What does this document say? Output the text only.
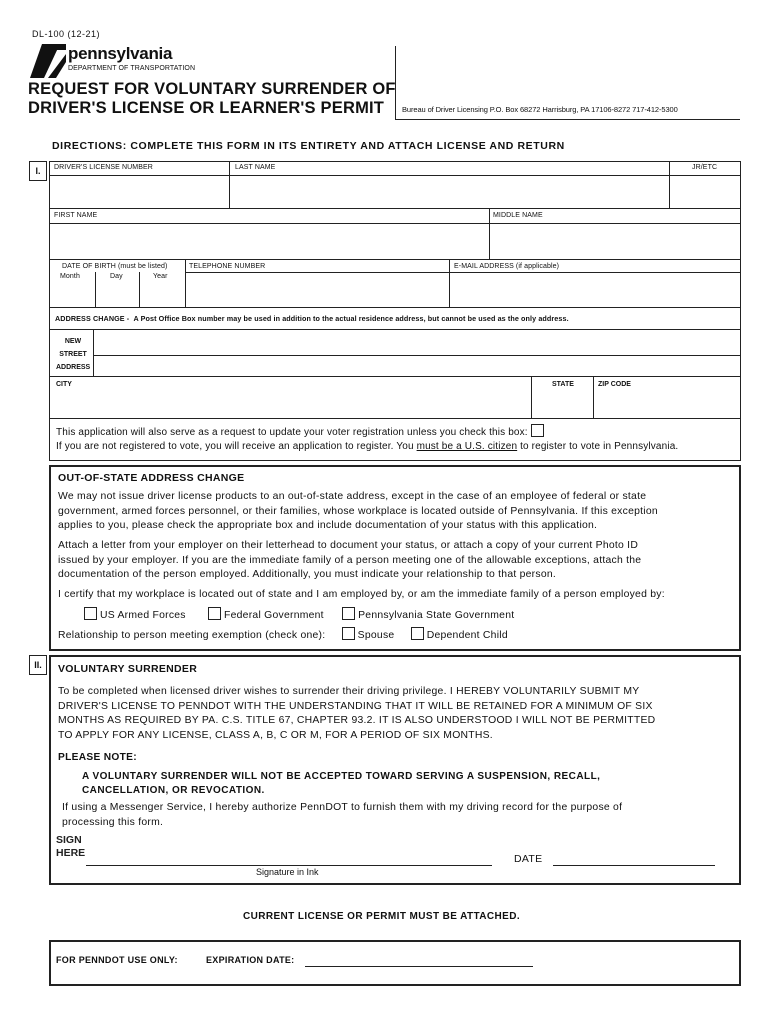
DL-100 (12-21)
pennsylvania
DEPARTMENT OF TRANSPORTATION
REQUEST FOR VOLUNTARY SURRENDER OF
DRIVER'S LICENSE OR LEARNER'S PERMIT Bureau of Driver Licensing P.O. Box 68272 Harrisburg, PA 17106-8272 717-412-5300
DIRECTIONS: COMPLETE THIS FORM IN ITS ENTIRETY AND ATTACH LICENSE AND RETURN
I.	DRIVER'S LICENSE NUMBER	LAST NAME	JR/ETC
FIRST NAME	MIDDLE NAME
DATE OF BIRTH (must be listed)
Month	Day	Year
TELEPHONE NUMBER	E-MAIL ADDRESS (if applicable)
ADDRESS CHANGE - A Post Office Box number may be used in addition to the actual residence address, but cannot be used as the only address.
NEW
STREET
ADDRESS
CITY	STATE	ZIP CODE
This application will also serve as a request to update your voter registration unless you check this box:
If you are not registered to vote, you will receive an application to register. You must be a U.S. citizen to register to vote in Pennsylvania.
OUT-OF-STATE ADDRESS CHANGE
We may not issue driver license products to an out-of-state address, except in the case of an employee of federal or state
government, armed forces personnel, or their families, whose workplace is located outside of Pennsylvania. If this exception
applies to you, please check the appropriate box and include documentation of your status with this application.
Attach a letter from your employer on their letterhead to document your status, or attach a copy of your current Photo ID
issued by your employer. If you are the immediate family of a person meeting one of the allowable exceptions, attach the
documentation of the person employed. Additionally, you must indicate your relationship to that person.
I certify that my workplace is located out of state and I am employed by, or am the immediate family of a person employed by:
US Armed Forces	Federal Government	Pennsylvania State Government
Relationship to person meeting exemption (check one):	Spouse	Dependent Child
II.	VOLUNTARY SURRENDER
To be completed when licensed driver wishes to surrender their driving privilege. I HEREBY VOLUNTARILY SUBMIT MY
DRIVER'S LICENSE TO PENNDOT WITH THE UNDERSTANDING THAT IT WILL BE RETAINED FOR A MINIMUM OF SIX
MONTHS AS REQUIRED BY PA. C.S. TITLE 67, CHAPTER 93.2. IT IS ALSO UNDERSTOOD I WILL NOT BE PERMITTED
TO APPLY FOR ANY LICENSE, CLASS A, B, C OR M, FOR A PERIOD OF SIX MONTHS.
PLEASE NOTE:
A VOLUNTARY SURRENDER WILL NOT BE ACCEPTED TOWARD SERVING A SUSPENSION, RECALL,
CANCELLATION, OR REVOCATION.
If using a Messenger Service, I hereby authorize PennDOT to furnish them with my driving record for the purpose of
processing this form.
SIGN
HERE
Signature in Ink
DATE
CURRENT LICENSE OR PERMIT MUST BE ATTACHED.
FOR PENNDOT USE ONLY:	EXPIRATION DATE:
